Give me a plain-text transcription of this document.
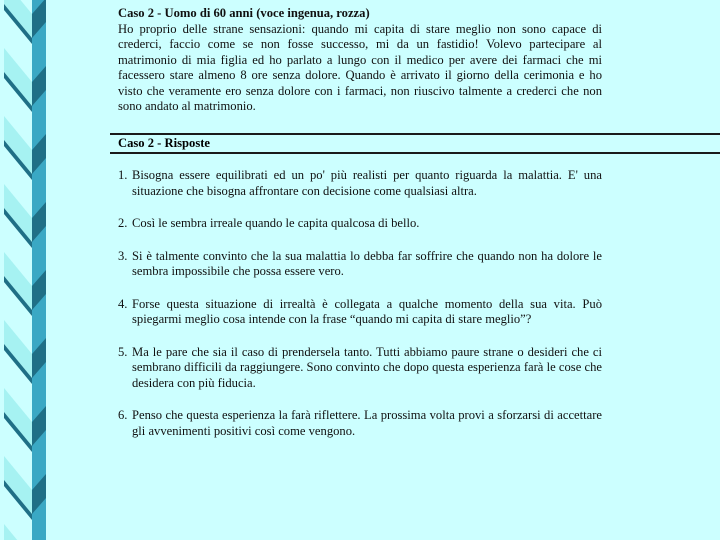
Caso 2 - Uomo di 60 anni (voce ingenua, rozza)

Ho proprio delle strane sensazioni: quando mi capita di stare meglio non sono capace di crederci, faccio come se non fosse successo, mi da un fastidio! Volevo partecipare al matrimonio di mia figlia ed ho parlato a lungo con il medico per avere dei farmaci che mi facessero stare almeno 8 ore senza dolore. Quando è arrivato il giorno della cerimonia e ho visto che veramente ero senza dolore con i farmaci, non riuscivo talmente a crederci che non sono andato al matrimonio.

Caso 2 - Risposte
1. Bisogna essere equilibrati ed un po' più realisti per quanto riguarda la malattia. E' una situazione che bisogna affrontare con decisione come qualsiasi altra.
2. Così le sembra irreale quando le capita qualcosa di bello.
3. Si è talmente convinto che la sua malattia lo debba far soffrire che quando non ha dolore le sembra impossibile che possa essere vero.
4. Forse questa situazione di irrealtà è collegata a qualche momento della sua vita. Può spiegarmi meglio cosa intende con la frase “quando mi capita di stare meglio”?
5. Ma le pare che sia il caso di prendersela tanto. Tutti abbiamo paure strane o desideri che ci sembrano difficili da raggiungere. Sono convinto che dopo questa esperienza farà le cose che desidera con più fiducia.
6. Penso che questa esperienza la farà riflettere. La prossima volta provi a sforzarsi di accettare gli avvenimenti positivi così come vengono.
